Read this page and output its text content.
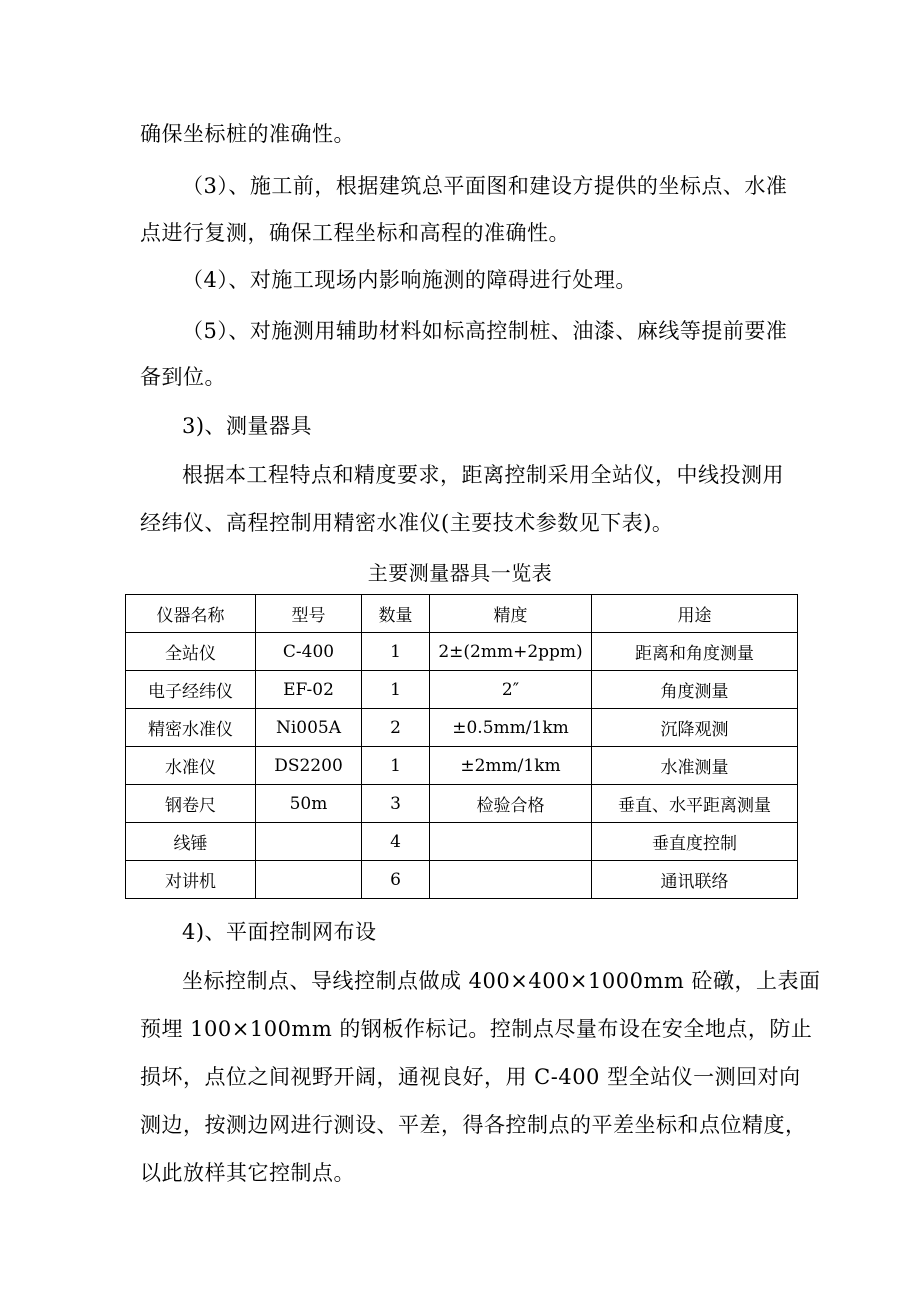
确保坐标桩的准确性。
（3）、施工前，根据建筑总平面图和建设方提供的坐标点、水准
点进行复测，确保工程坐标和高程的准确性。
（4）、对施工现场内影响施测的障碍进行处理。
（5）、对施测用辅助材料如标高控制桩、油漆、麻线等提前要准
备到位。
3)、测量器具
根据本工程特点和精度要求，距离控制采用全站仪，中线投测用
经纬仪、高程控制用精密水准仪(主要技术参数见下表)。
主要测量器具一览表
仪器名称	型号	数量	精度	用途
全站仪	C-400	1	2±(2mm+2ppm)	距离和角度测量
电子经纬仪	EF-02	1	2″	角度测量
精密水准仪	Ni005A	2	±0.5mm/1km	沉降观测
水准仪	DS2200	1	±2mm/1km	水准测量
钢卷尺	50m	3	检验合格	垂直、水平距离测量
线锤		4		垂直度控制
对讲机		6		通讯联络
4)、平面控制网布设
坐标控制点、导线控制点做成 400×400×1000mm 砼礅，上表面
预埋 100×100mm 的钢板作标记。控制点尽量布设在安全地点，防止
损坏，点位之间视野开阔，通视良好，用 C-400 型全站仪一测回对向
测边，按测边网进行测设、平差，得各控制点的平差坐标和点位精度，
以此放样其它控制点。
